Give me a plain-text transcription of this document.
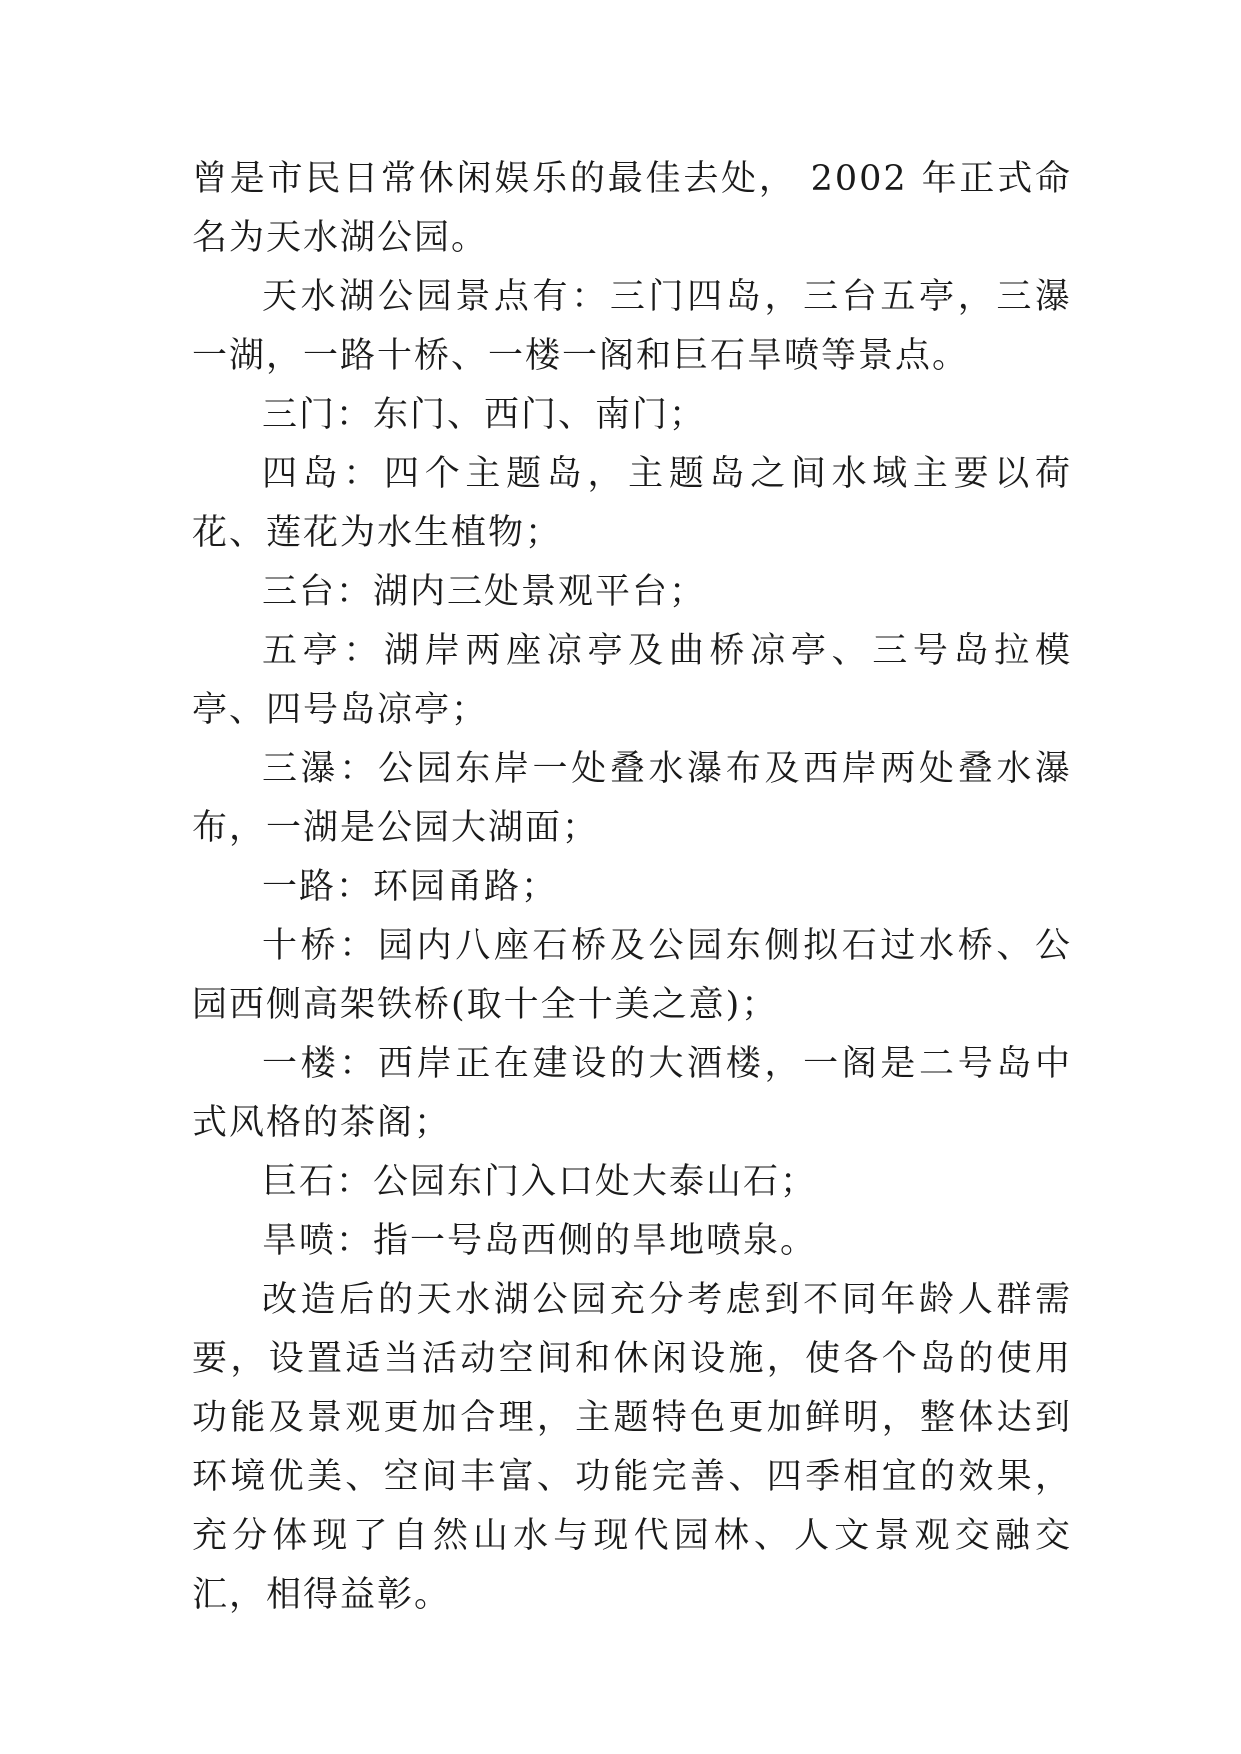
曾是市民日常休闲娱乐的最佳去处， 2002 年正式命名为天水湖公园。

天水湖公园景点有：三门四岛，三台五亭，三瀑一湖，一路十桥、一楼一阁和巨石旱喷等景点。

三门：东门、西门、南门；

四岛：四个主题岛，主题岛之间水域主要以荷花、莲花为水生植物；

三台：湖内三处景观平台；

五亭：湖岸两座凉亭及曲桥凉亭、三号岛拉模亭、四号岛凉亭；

三瀑：公园东岸一处叠水瀑布及西岸两处叠水瀑布，一湖是公园大湖面；

一路：环园甬路；

十桥：园内八座石桥及公园东侧拟石过水桥、公园西侧高架铁桥(取十全十美之意)；

一楼：西岸正在建设的大酒楼，一阁是二号岛中式风格的茶阁；

巨石：公园东门入口处大泰山石；

旱喷：指一号岛西侧的旱地喷泉。

改造后的天水湖公园充分考虑到不同年龄人群需要，设置适当活动空间和休闲设施，使各个岛的使用功能及景观更加合理，主题特色更加鲜明，整体达到环境优美、空间丰富、功能完善、四季相宜的效果，充分体现了自然山水与现代园林、人文景观交融交汇，相得益彰。
